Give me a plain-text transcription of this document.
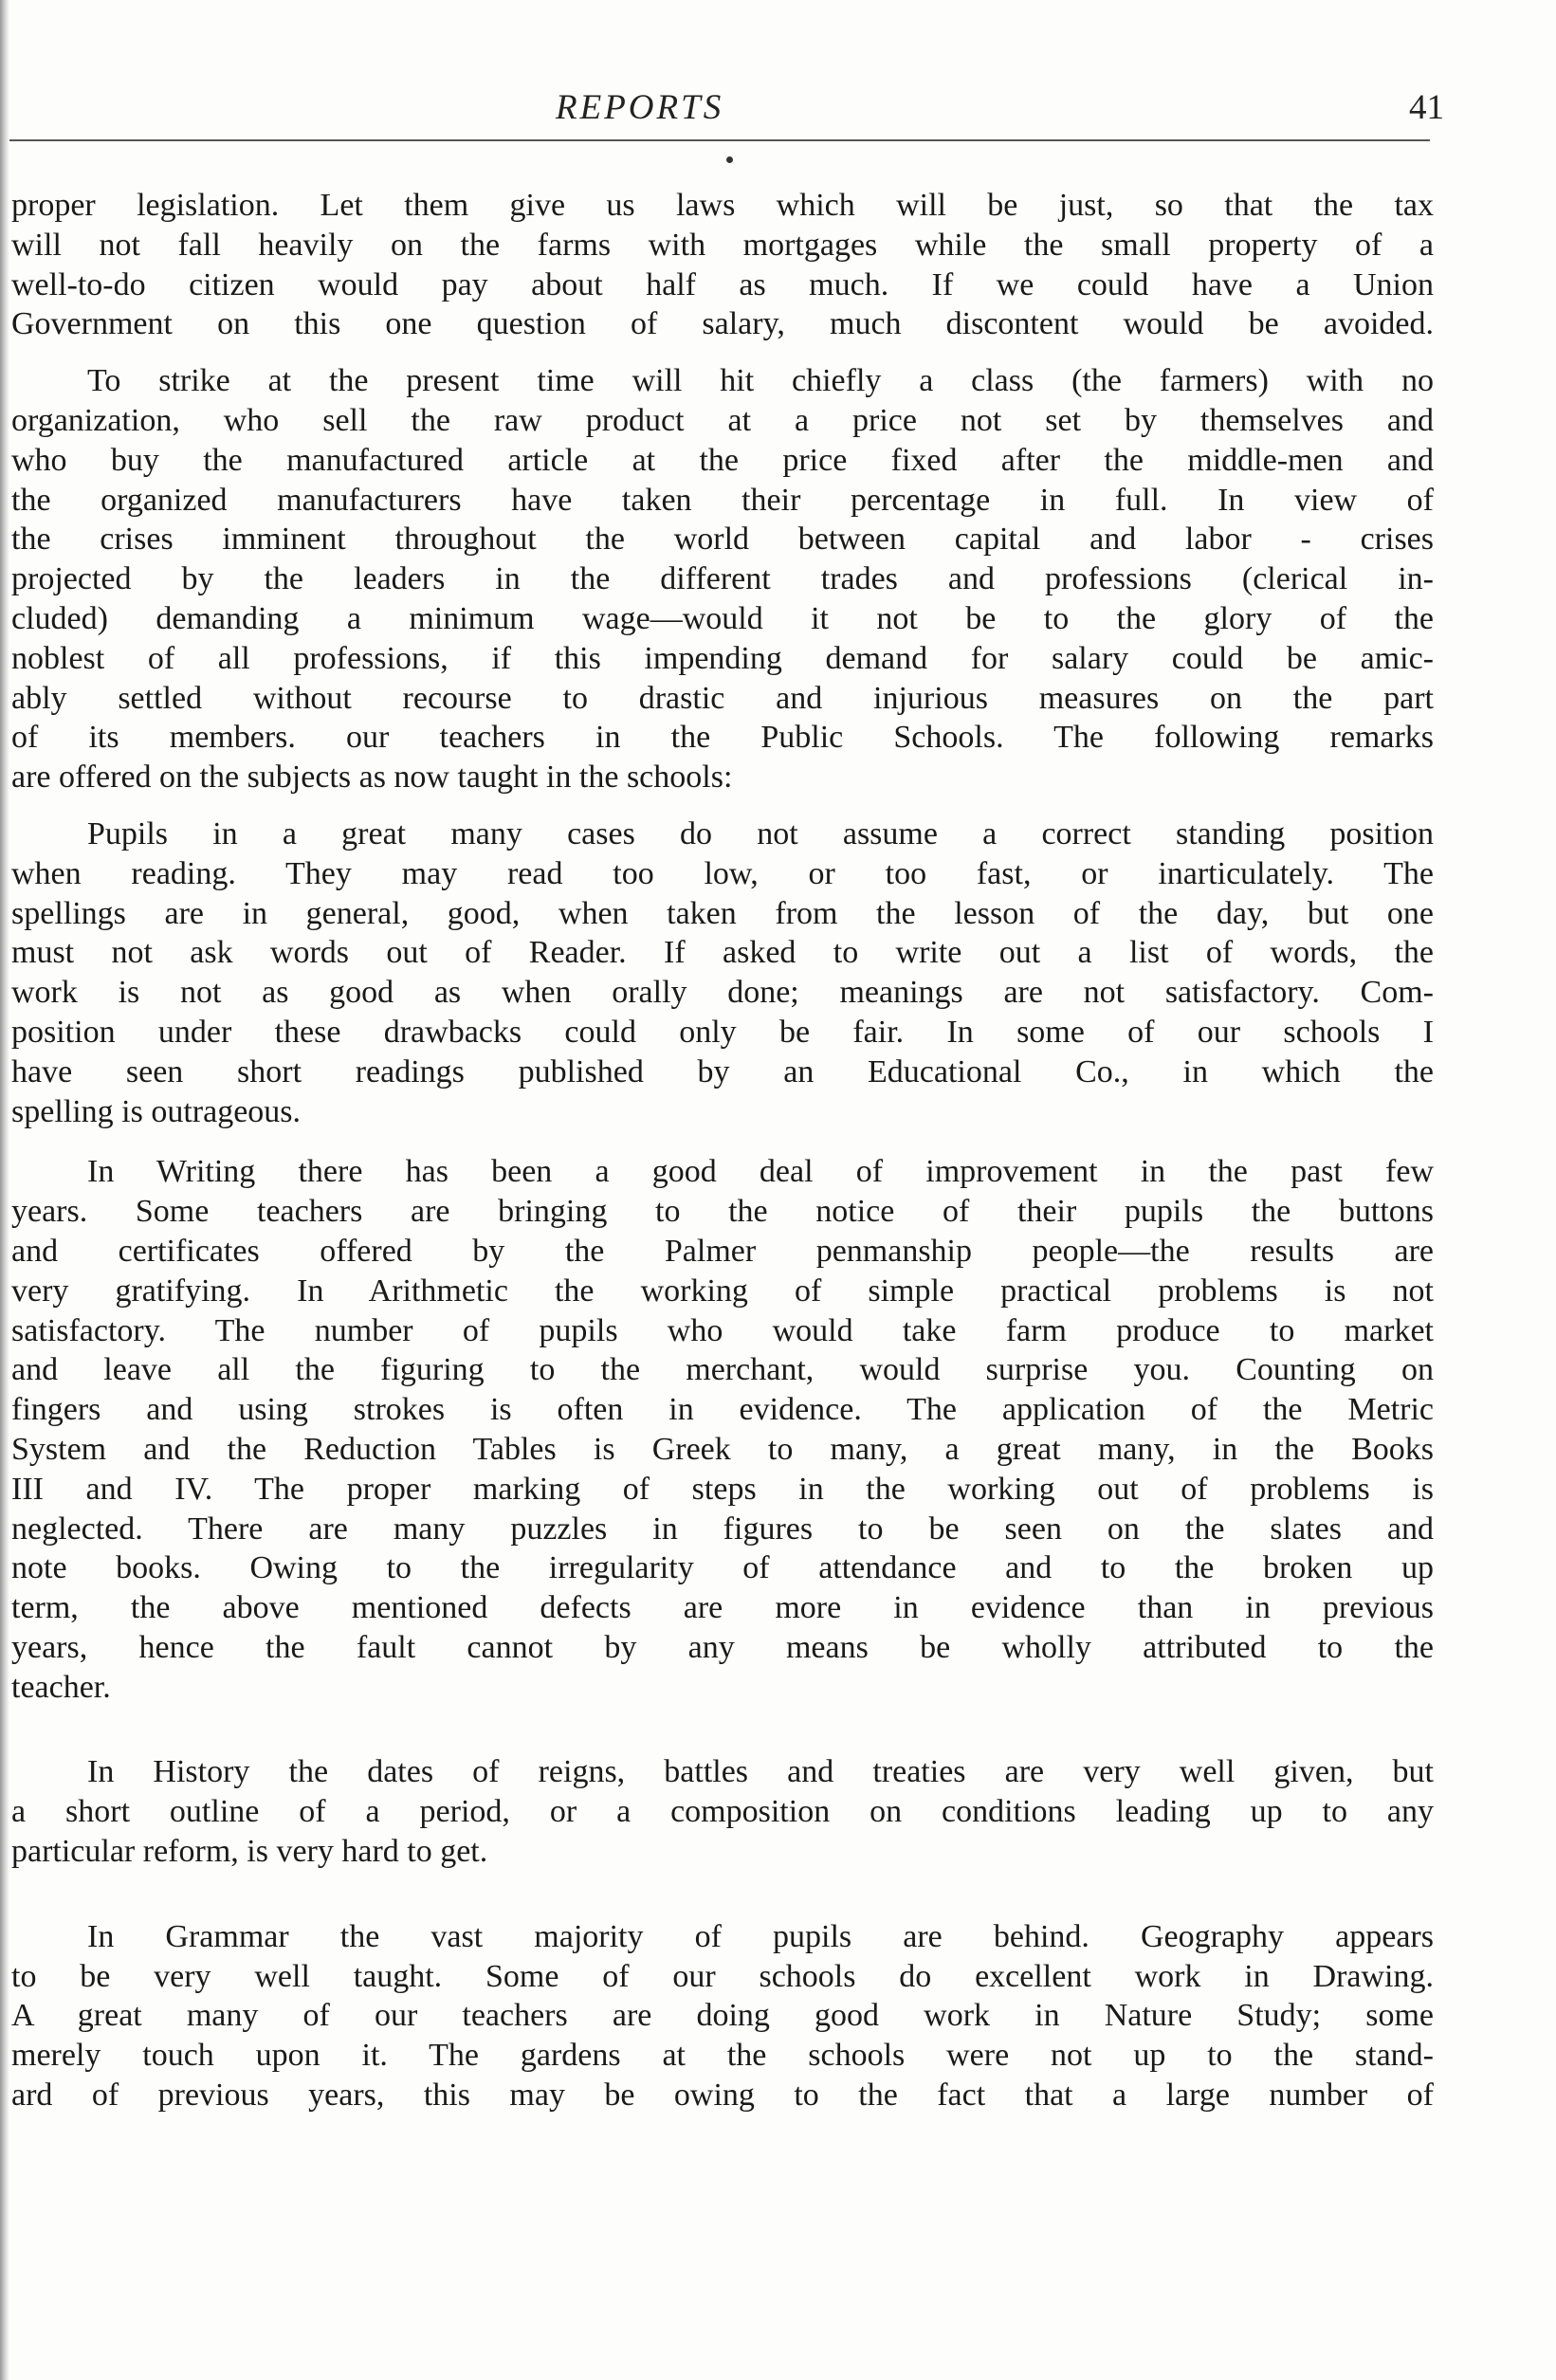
REPORTS	41

proper legislation. Let them give us laws which will be just, so that the tax
will not fall heavily on the farms with mortgages while the small property of a
well-to-do citizen would pay about half as much. If we could have a Union
Government on this one question of salary, much discontent would be avoided.

To strike at the present time will hit chiefly a class (the farmers) with no
organization, who sell the raw product at a price not set by themselves and
who buy the manufactured article at the price fixed after the middle-men and
the organized manufacturers have taken their percentage in full. In view of
the crises imminent throughout the world between capital and labor - crises
projected by the leaders in the different trades and professions (clerical in-
cluded) demanding a minimum wage—would it not be to the glory of the
noblest of all professions, if this impending demand for salary could be amic-
ably settled without recourse to drastic and injurious measures on the part
of its members. our teachers in the Public Schools. The following remarks
are offered on the subjects as now taught in the schools:

Pupils in a great many cases do not assume a correct standing position
when reading. They may read too low, or too fast, or inarticulately. The
spellings are in general, good, when taken from the lesson of the day, but one
must not ask words out of Reader. If asked to write out a list of words, the
work is not as good as when orally done; meanings are not satisfactory. Com-
position under these drawbacks could only be fair. In some of our schools I
have seen short readings published by an Educational Co., in which the
spelling is outrageous.

In Writing there has been a good deal of improvement in the past few
years. Some teachers are bringing to the notice of their pupils the buttons
and certificates offered by the Palmer penmanship people—the results are
very gratifying. In Arithmetic the working of simple practical problems is not
satisfactory. The number of pupils who would take farm produce to market
and leave all the figuring to the merchant, would surprise you. Counting on
fingers and using strokes is often in evidence. The application of the Metric
System and the Reduction Tables is Greek to many, a great many, in the Books
III and IV. The proper marking of steps in the working out of problems is
neglected. There are many puzzles in figures to be seen on the slates and
note books. Owing to the irregularity of attendance and to the broken up
term, the above mentioned defects are more in evidence than in previous
years, hence the fault cannot by any means be wholly attributed to the
teacher.

In History the dates of reigns, battles and treaties are very well given, but
a short outline of a period, or a composition on conditions leading up to any
particular reform, is very hard to get.

In Grammar the vast majority of pupils are behind. Geography appears
to be very well taught. Some of our schools do excellent work in Drawing.
A great many of our teachers are doing good work in Nature Study; some
merely touch upon it. The gardens at the schools were not up to the stand-
ard of previous years, this may be owing to the fact that a large number of
